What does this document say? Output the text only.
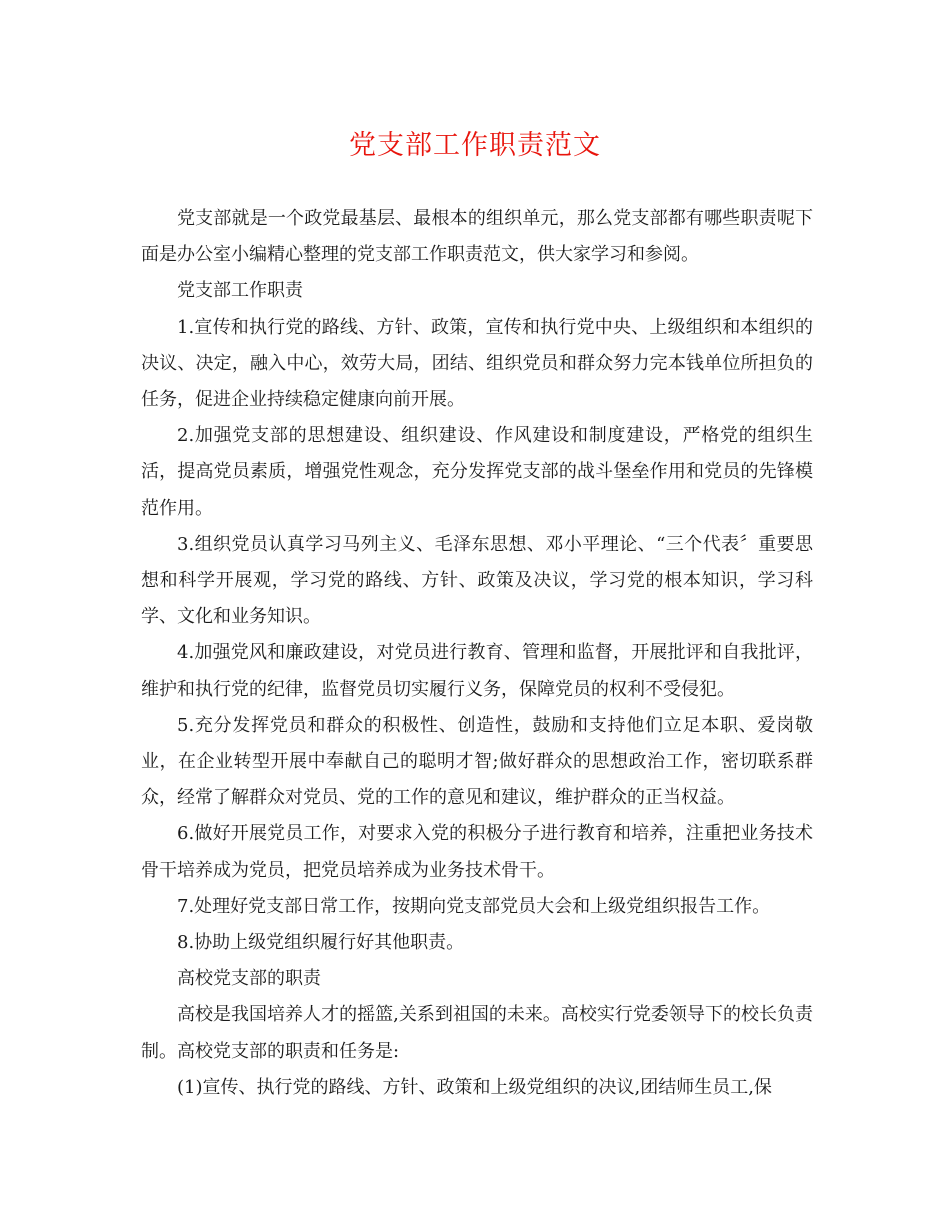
党支部工作职责范文

党支部就是一个政党最基层、最根本的组织单元，那么党支部都有哪些职责呢下面是办公室小编精心整理的党支部工作职责范文，供大家学习和参阅。

党支部工作职责

1.宣传和执行党的路线、方针、政策，宣传和执行党中央、上级组织和本组织的决议、决定，融入中心，效劳大局，团结、组织党员和群众努力完本钱单位所担负的任务，促进企业持续稳定健康向前开展。

2.加强党支部的思想建设、组织建设、作风建设和制度建设，严格党的组织生活，提高党员素质，增强党性观念，充分发挥党支部的战斗堡垒作用和党员的先锋模范作用。

3.组织党员认真学习马列主义、毛泽东思想、邓小平理论、“三个代表〞重要思想和科学开展观，学习党的路线、方针、政策及决议，学习党的根本知识，学习科学、文化和业务知识。

4.加强党风和廉政建设，对党员进行教育、管理和监督，开展批评和自我批评，维护和执行党的纪律，监督党员切实履行义务，保障党员的权利不受侵犯。

5.充分发挥党员和群众的积极性、创造性，鼓励和支持他们立足本职、爱岗敬业，在企业转型开展中奉献自己的聪明才智;做好群众的思想政治工作，密切联系群众，经常了解群众对党员、党的工作的意见和建议，维护群众的正当权益。

6.做好开展党员工作，对要求入党的积极分子进行教育和培养，注重把业务技术骨干培养成为党员，把党员培养成为业务技术骨干。

7.处理好党支部日常工作，按期向党支部党员大会和上级党组织报告工作。

8.协助上级党组织履行好其他职责。

高校党支部的职责

高校是我国培养人才的摇篮,关系到祖国的未来。高校实行党委领导下的校长负责制。高校党支部的职责和任务是:

(1)宣传、执行党的路线、方针、政策和上级党组织的决议,团结师生员工,保
